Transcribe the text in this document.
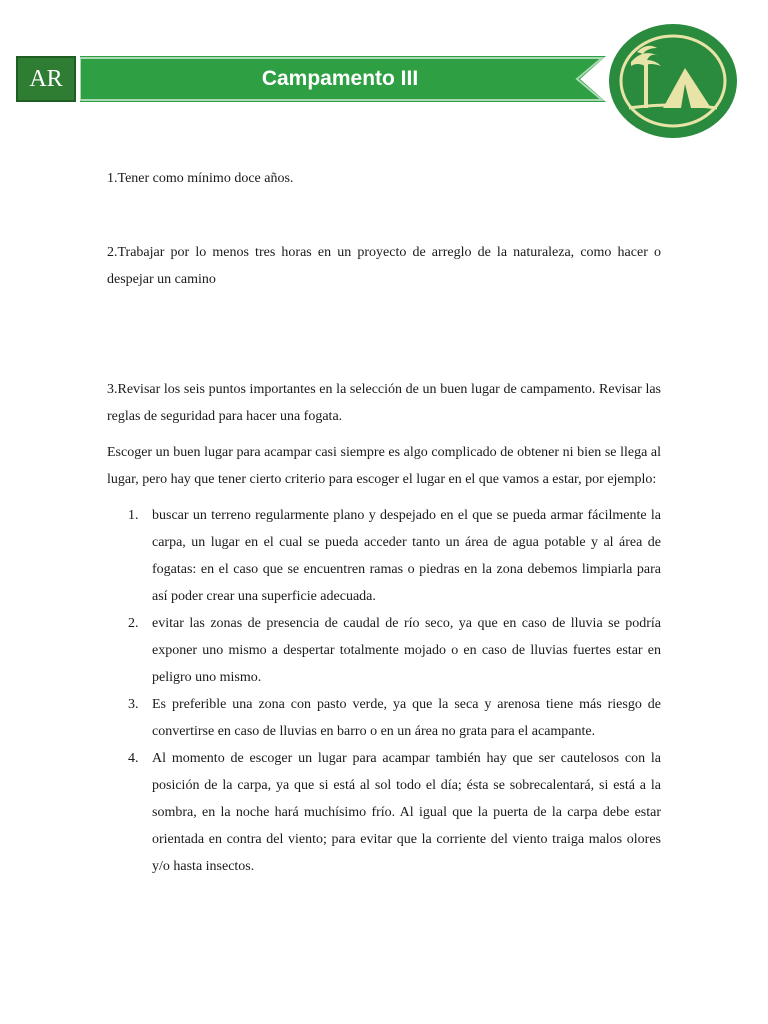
AR	Campamento III

1.Tener como mínimo doce años.

2.Trabajar por lo menos tres horas en un proyecto de arreglo de la naturaleza, como hacer o despejar un camino

3.Revisar los seis puntos importantes en la selección de un buen lugar de campamento. Revisar las reglas de seguridad para hacer una fogata.

Escoger un buen lugar para acampar casi siempre es algo complicado de obtener ni bien se llega al lugar, pero hay que tener cierto criterio para escoger el lugar en el que vamos a estar, por ejemplo:

1. buscar un terreno regularmente plano y despejado en el que se pueda armar fácilmente la carpa, un lugar en el cual se pueda acceder tanto un área de agua potable y al área de fogatas: en el caso que se encuentren ramas o piedras en la zona debemos limpiarla para así poder crear una superficie adecuada.
2. evitar las zonas de presencia de caudal de río seco, ya que en caso de lluvia se podría exponer uno mismo a despertar totalmente mojado o en caso de lluvias fuertes estar en peligro uno mismo.
3. Es preferible una zona con pasto verde, ya que la seca y arenosa tiene más riesgo de convertirse en caso de lluvias en barro o en un área no grata para el acampante.
4. Al momento de escoger un lugar para acampar también hay que ser cautelosos con la posición de la carpa, ya que si está al sol todo el día; ésta se sobrecalentará, si está a la sombra, en la noche hará muchísimo frío. Al igual que la puerta de la carpa debe estar orientada en contra del viento; para evitar que la corriente del viento traiga malos olores y/o hasta insectos.
